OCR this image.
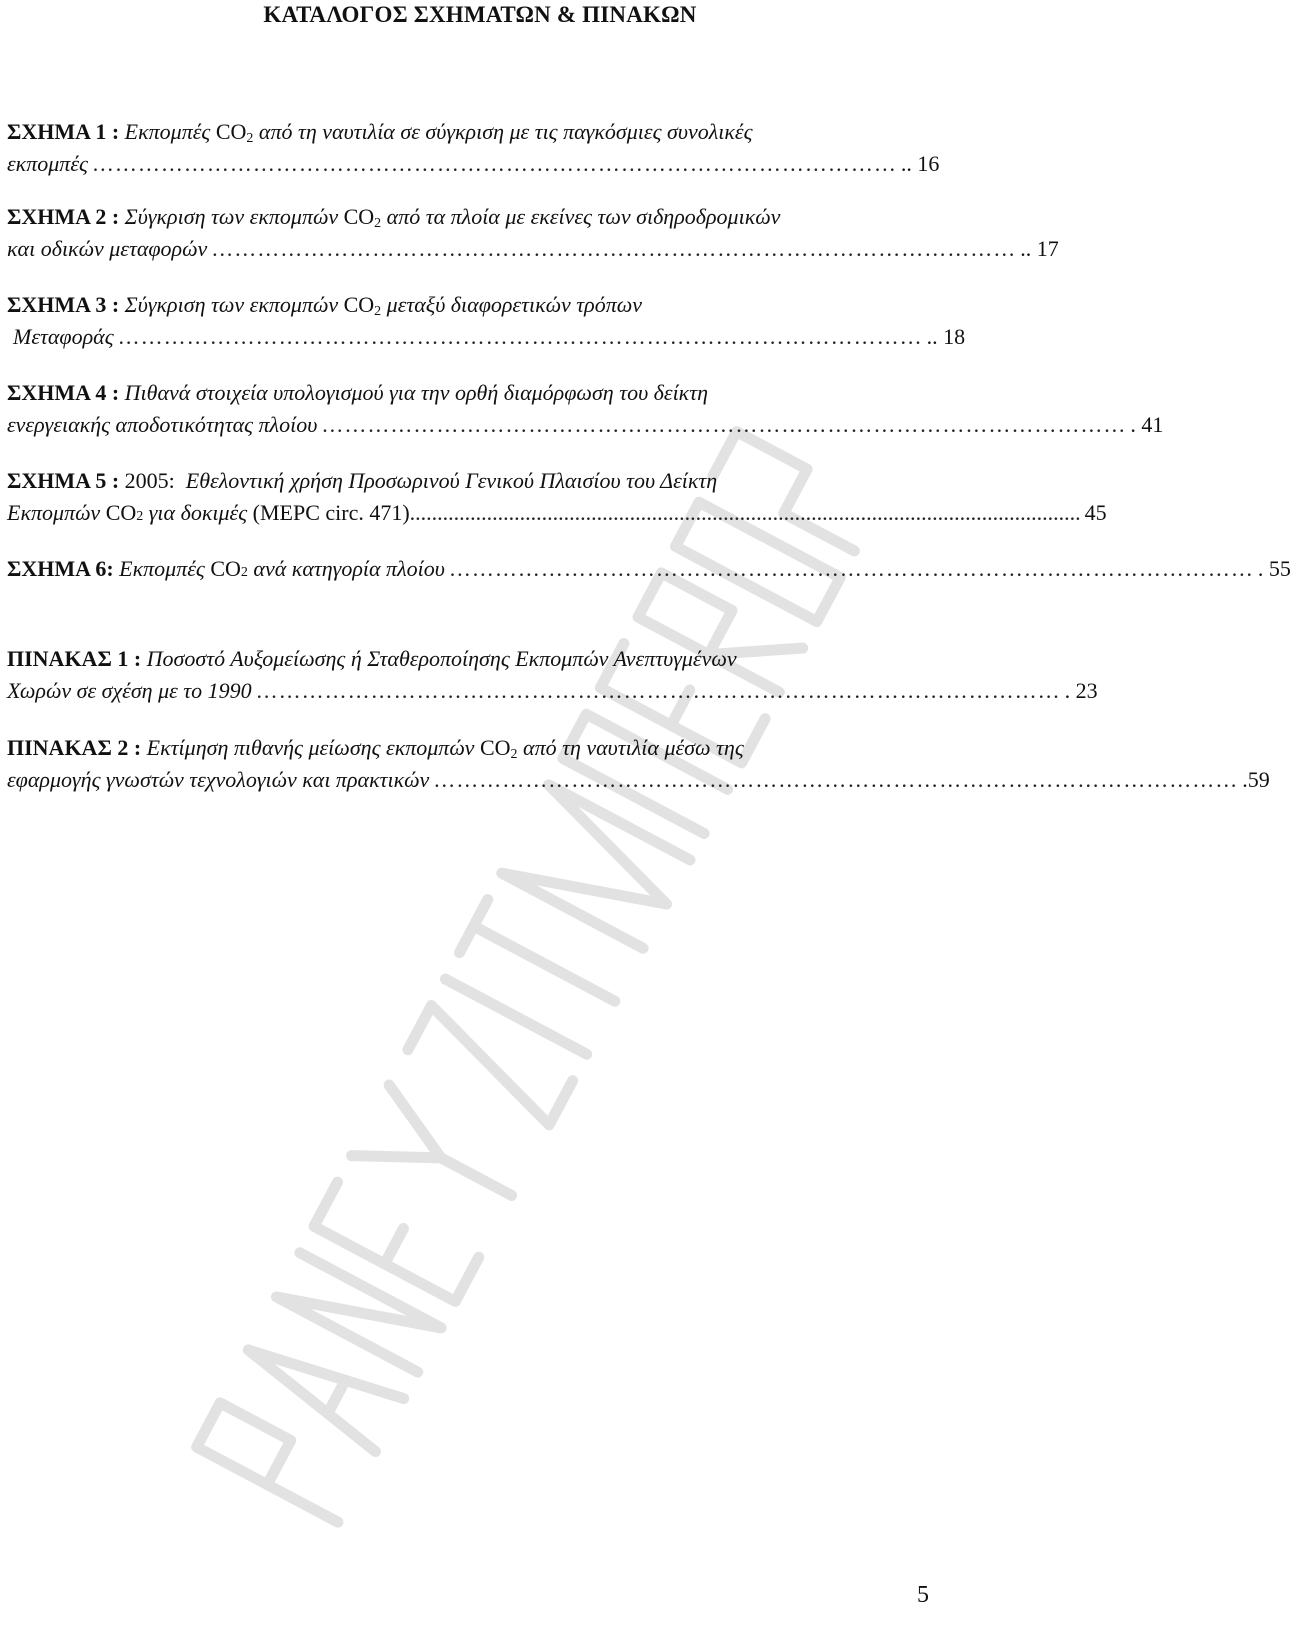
ΚΑΤΑΛΟΓΟΣ ΣΧΗΜΑΤΩΝ & ΠΙΝΑΚΩΝ
ΣΧΗΜΑ 1 : Εκπομπές $CO_2$ από τη ναυτιλία σε σύγκριση με τις παγκόσμιες συνολικές
εκπομπές …………………………………………………………………………………………… .. 16
ΣΧΗΜΑ 2 : Σύγκριση των εκπομπών $CO_2$ από τα πλοία με εκείνες των σιδηροδρομικών
και οδικών μεταφορών …………………………………………………………………………………………… .. 17
ΣΧΗΜΑ 3 : Σύγκριση των εκπομπών $CO_2$ μεταξύ διαφορετικών τρόπων
Μεταφοράς …………………………………………………………………………………………… .. 18
ΣΧΗΜΑ 4 : Πιθανά στοιχεία υπολογισμού για την ορθή διαμόρφωση του δείκτη
ενεργειακής αποδοτικότητας πλοίου …………………………………………………………………………………………… . 41
ΣΧΗΜΑ 5 : 2005: Εθελοντική χρήση Προσωρινού Γενικού Πλαισίου του Δείκτη
Εκπομπών
CO 2
για δοκιμές
(MEPC circ. 471) .......................................................................................................................... 45
ΣΧΗΜΑ 6:
Εκπομπές
CO 2
ανά κατηγορία πλοίου …………………………………………………………………………………………… . 55
ΠΙΝΑΚΑΣ 1 : Ποσοστό Αυξομείωσης ή Σταθεροποίησης Εκπομπών Ανεπτυγμένων
Χωρών σε σχέση με το 1990 …………………………………………………………………………………………… . 23
ΠΙΝΑΚΑΣ 2 : Εκτίμηση πιθανής μείωσης εκπομπών $CO_2$ από τη ναυτιλία μέσω της
εφαρμογής γνωστών τεχνολογιών και πρακτικών …………………………………………………………………………………………… .59
5
